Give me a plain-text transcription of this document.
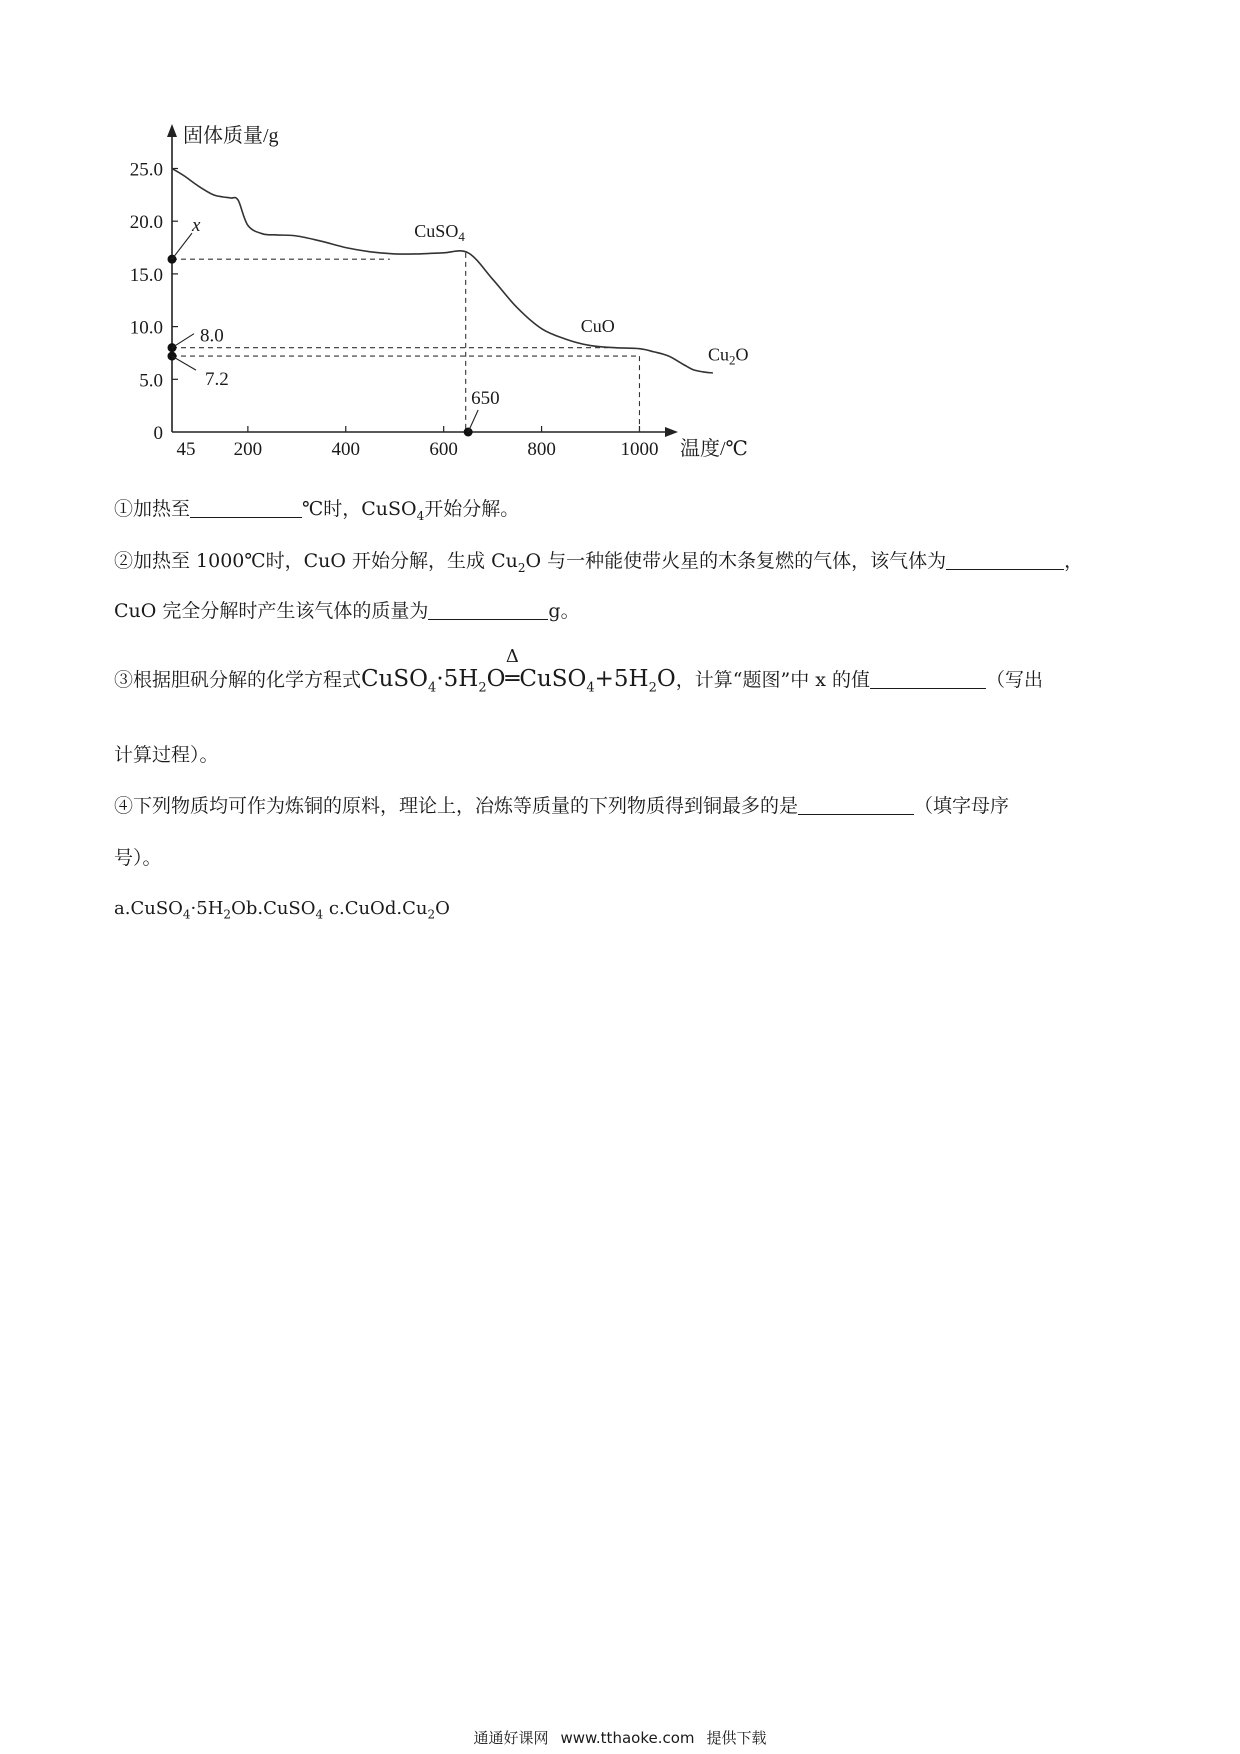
0
5.0
10.0
15.0
20.0
25.0
45 200	400	600	800	1000
x
8.0
7.2
650
CuSO$_4$
CuO
$Cu_2O$
固体质量/g
温度/℃
①加热至	℃时，CuSO$_4$开始分解。
②加热至 1000℃时，CuO 开始分解，生成 $Cu_2O$ 与一种能使带火星的木条复燃的气体，该气体为	，
CuO 完全分解时产生该气体的质量为	g。
③根据胆矾分解的化学方程式$CuSO_4\cdot 5H_2O$
Δ
$═CuSO_4+5H_2O$，计算“题图”中 x 的值	（写出
计算过程）。
④下列物质均可作为炼铜的原料，理论上，冶炼等质量的下列物质得到铜最多的是	（填字母序
号）。
$a.CuSO_4\cdot 5H_2Ob.CuSO_4$ $c.CuOd.Cu_2O$
通通好课网 www.tthaoke.com 提供下载
